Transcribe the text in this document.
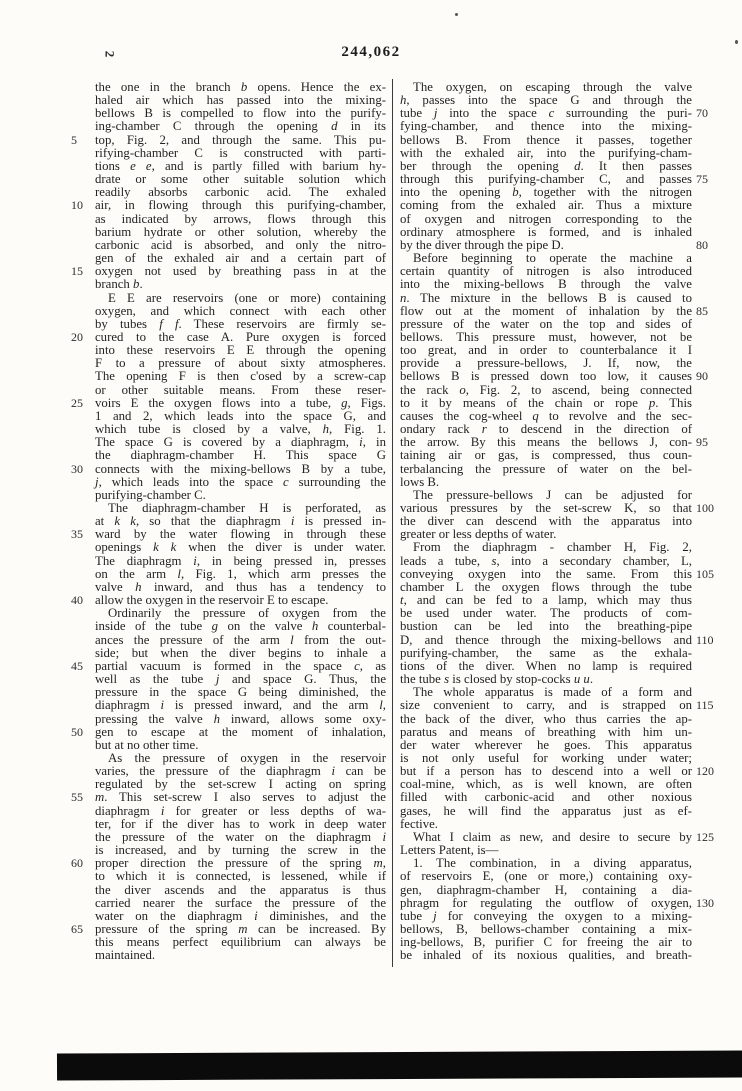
2	244,062
the one in the branch b opens. Hence the ex-
haled air which has passed into the mixing-
bellows B is compelled to flow into the purify-
ing-chamber C through the opening d in its
5	top, Fig. 2, and through the same. This pu-
rifying-chamber C is constructed with parti-
tions e e, and is partly filled with barium hy-
drate or some other suitable solution which
readily absorbs carbonic acid. The exhaled
10 air, in flowing through this purifying-chamber,
as indicated by arrows, flows through this
barium hydrate or other solution, whereby the
carbonic acid is absorbed, and only the nitro-
gen of the exhaled air and a certain part of
15 oxygen not used by breathing pass in at the
branch b.
E E are reservoirs (one or more) containing
oxygen, and which connect with each other
by tubes f f. These reservoirs are firmly se-
20 cured to the case A. Pure oxygen is forced
into these reservoirs E E through the opening
F to a pressure of about sixty atmospheres.
The opening F is then c'osed by a screw-cap
or other suitable means. From these reser-
25 voirs E the oxygen flows into a tube, g, Figs.
1 and 2, which leads into the space G, and
which tube is closed by a valve, h, Fig. 1.
The space G is covered by a diaphragm, i, in
the diaphragm-chamber H. This space G
30 connects with the mixing-bellows B by a tube,
j, which leads into the space c surrounding the
purifying-chamber C.
The diaphragm-chamber H is perforated, as
at k k, so that the diaphragm i is pressed in-
35 ward by the water flowing in through these
openings k k when the diver is under water.
The diaphragm i, in being pressed in, presses
on the arm l, Fig. 1, which arm presses the
valve h inward, and thus has a tendency to
40 allow the oxygen in the reservoir E to escape.
Ordinarily the pressure of oxygen from the
inside of the tube g on the valve h counterbal-
ances the pressure of the arm l from the out-
side; but when the diver begins to inhale a
45 partial vacuum is formed in the space c, as
well as the tube j and space G. Thus, the
pressure in the space G being diminished, the
diaphragm i is pressed inward, and the arm l,
pressing the valve h inward, allows some oxy-
50 gen to escape at the moment of inhalation,
but at no other time.
As the pressure of oxygen in the reservoir
varies, the pressure of the diaphragm i can be
regulated by the set-screw I acting on spring
55 m. This set-screw I also serves to adjust the
diaphragm i for greater or less depths of wa-
ter, for if the diver has to work in deep water
the pressure of the water on the diaphragm i
is increased, and by turning the screw in the
60 proper direction the pressure of the spring m,
to which it is connected, is lessened, while if
the diver ascends and the apparatus is thus
carried nearer the surface the pressure of the
water on the diaphragm i diminishes, and the
65 pressure of the spring m can be increased. By
this means perfect equilibrium can always be
maintained.
The oxygen, on escaping through the valve
h, passes into the space G and through the
70
tube j into the space c surrounding the puri-
fying-chamber, and thence into the mixing-
bellows B. From thence it passes, together
with the exhaled air, into the purifying-cham-
ber through the opening d. It then passes
75
through this purifying-chamber C, and passes
into the opening b, together with the nitrogen
coming from the exhaled air. Thus a mixture
of oxygen and nitrogen corresponding to the
ordinary atmosphere is formed, and is inhaled
80
by the diver through the pipe D.
Before beginning to operate the machine a
certain quantity of nitrogen is also introduced
into the mixing-bellows B through the valve
n. The mixture in the bellows B is caused to
85
flow out at the moment of inhalation by the
pressure of the water on the top and sides of
bellows. This pressure must, however, not be
too great, and in order to counterbalance it I
provide a pressure-bellows, J. If, now, the
90
bellows B is pressed down too low, it causes
the rack o, Fig. 2, to ascend, being connected
to it by means of the chain or rope p. This
causes the cog-wheel q to revolve and the sec-
ondary rack r to descend in the direction of
95
the arrow. By this means the bellows J, con-
taining air or gas, is compressed, thus coun-
terbalancing the pressure of water on the bel-
lows B.
The pressure-bellows J can be adjusted for
100
various pressures by the set-screw K, so that
the diver can descend with the apparatus into
greater or less depths of water.
From the diaphragm - chamber H, Fig. 2,
leads a tube, s, into a secondary chamber, L,
105
conveying oxygen into the same. From this
chamber L the oxygen flows through the tube
t, and can be fed to a lamp, which may thus
be used under water. The products of com-
bustion can be led into the breathing-pipe
110
D, and thence through the mixing-bellows and
purifying-chamber, the same as the exhala-
tions of the diver. When no lamp is required
the tube s is closed by stop-cocks u u.
The whole apparatus is made of a form and
115
size convenient to carry, and is strapped on
the back of the diver, who thus carries the ap-
paratus and means of breathing with him un-
der water wherever he goes. This apparatus
is not only useful for working under water;
120
but if a person has to descend into a well or
coal-mine, which, as is well known, are often
filled with carbonic-acid and other noxious
gases, he will find the apparatus just as ef-
fective.
125
What I claim as new, and desire to secure by
Letters Patent, is—
1. The combination, in a diving apparatus,
of reservoirs E, (one or more,) containing oxy-
gen, diaphragm-chamber H, containing a dia-
130
phragm for regulating the outflow of oxygen,
tube j for conveying the oxygen to a mixing-
bellows, B, bellows-chamber containing a mix-
ing-bellows, B, purifier C for freeing the air to
be inhaled of its noxious qualities, and breath-
